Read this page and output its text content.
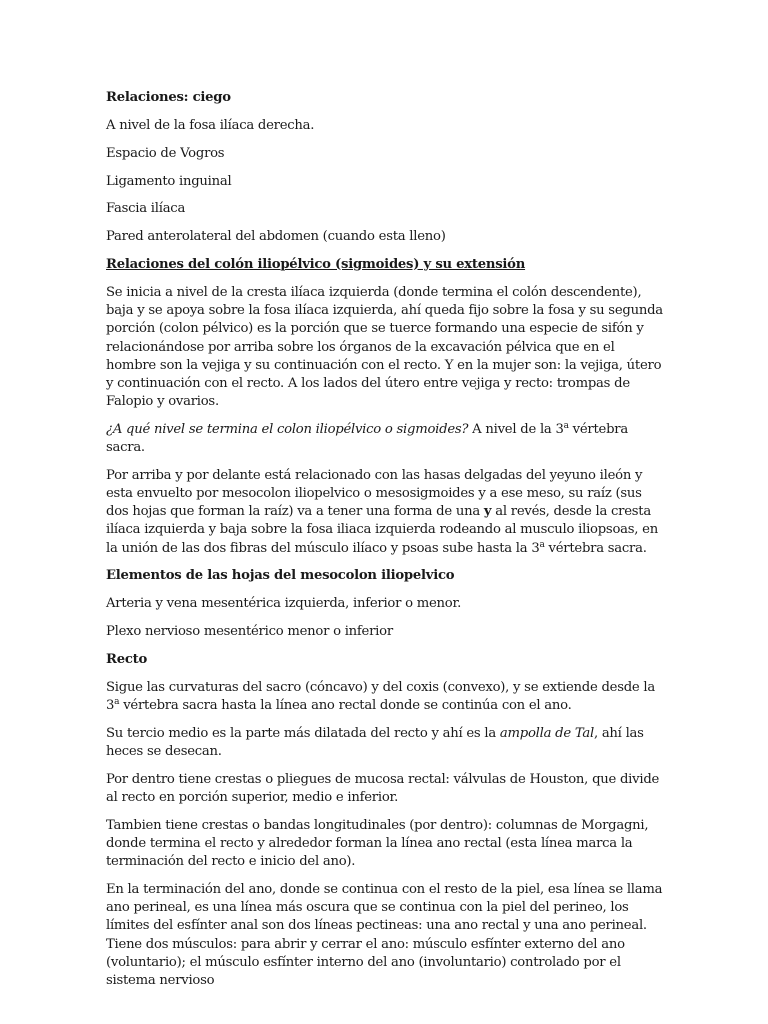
Relaciones: ciego

A nivel de la fosa ilíaca derecha.

Espacio de Vogros

Ligamento inguinal

Fascia ilíaca

Pared anterolateral del abdomen (cuando esta lleno)

Relaciones del colón iliopélvico (sigmoides) y su extensión

Se inicia a nivel de la cresta ilíaca izquierda (donde termina el colón descendente), baja y se apoya sobre la fosa ilíaca izquierda, ahí queda fijo sobre la fosa y su segunda porción (colon pélvico) es la porción que se tuerce formando una especie de sifón y relacionándose por arriba sobre los órganos de la excavación pélvica que en el hombre son la vejiga y su continuación con el recto. Y en la mujer son: la vejiga, útero y continuación con el recto. A los lados del útero entre vejiga y recto: trompas de Falopio y ovarios.

¿A qué nivel se termina el colon iliopélvico o sigmoides? A nivel de la 3$^a$ vértebra sacra.

Por arriba y por delante está relacionado con las hasas delgadas del yeyuno ileón y esta envuelto por mesocolon iliopelvico o mesosigmoides y a ese meso, su raíz (sus dos hojas que forman la raíz) va a tener una forma de una y al revés, desde la cresta ilíaca izquierda y baja sobre la fosa iliaca izquierda rodeando al musculo iliopsoas, en la unión de las dos fibras del músculo ilíaco y psoas sube hasta la 3$^a$ vértebra sacra.

Elementos de las hojas del mesocolon iliopelvico

Arteria y vena mesentérica izquierda, inferior o menor.

Plexo nervioso mesentérico menor o inferior

Recto

Sigue las curvaturas del sacro (cóncavo) y del coxis (convexo), y se extiende desde la 3$^a$ vértebra sacra hasta la línea ano rectal donde se continúa con el ano.

Su tercio medio es la parte más dilatada del recto y ahí es la ampolla de Tal, ahí las heces se desecan.

Por dentro tiene crestas o pliegues de mucosa rectal: válvulas de Houston, que divide al recto en porción superior, medio e inferior.

Tambien tiene crestas o bandas longitudinales (por dentro): columnas de Morgagni, donde termina el recto y alrededor forman la línea ano rectal (esta línea marca la terminación del recto e inicio del ano).

En la terminación del ano, donde se continua con el resto de la piel, esa línea se llama ano perineal, es una línea más oscura que se continua con la piel del perineo, los límites del esfínter anal son dos líneas pectineas: una ano rectal y una ano perineal. Tiene dos músculos: para abrir y cerrar el ano: músculo esfínter externo del ano (voluntario); el músculo esfínter interno del ano (involuntario) controlado por el sistema nervioso
